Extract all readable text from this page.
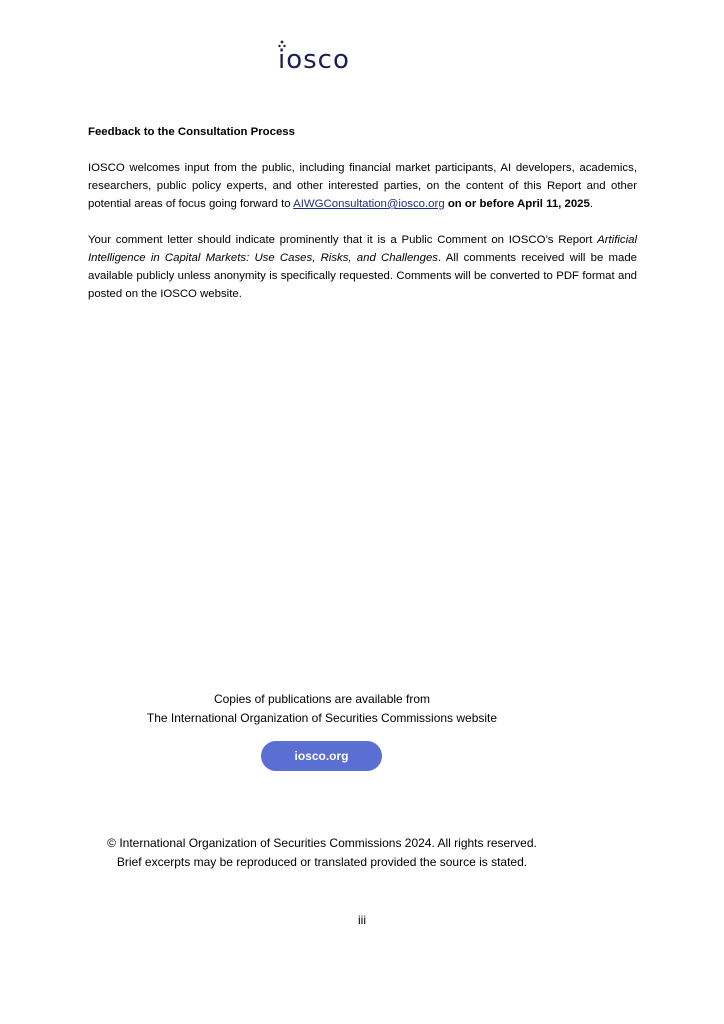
iosco

Feedback to the Consultation Process

IOSCO welcomes input from the public, including financial market participants, AI developers, academics, researchers, public policy experts, and other interested parties, on the content of this Report and other potential areas of focus going forward to AIWGConsultation@iosco.org on or before April 11, 2025.

Your comment letter should indicate prominently that it is a Public Comment on IOSCO’s Report Artificial Intelligence in Capital Markets: Use Cases, Risks, and Challenges. All comments received will be made available publicly unless anonymity is specifically requested. Comments will be converted to PDF format and posted on the IOSCO website.

Copies of publications are available from
The International Organization of Securities Commissions website
iosco.org
© International Organization of Securities Commissions 2024. All rights reserved.
Brief excerpts may be reproduced or translated provided the source is stated.
iii
